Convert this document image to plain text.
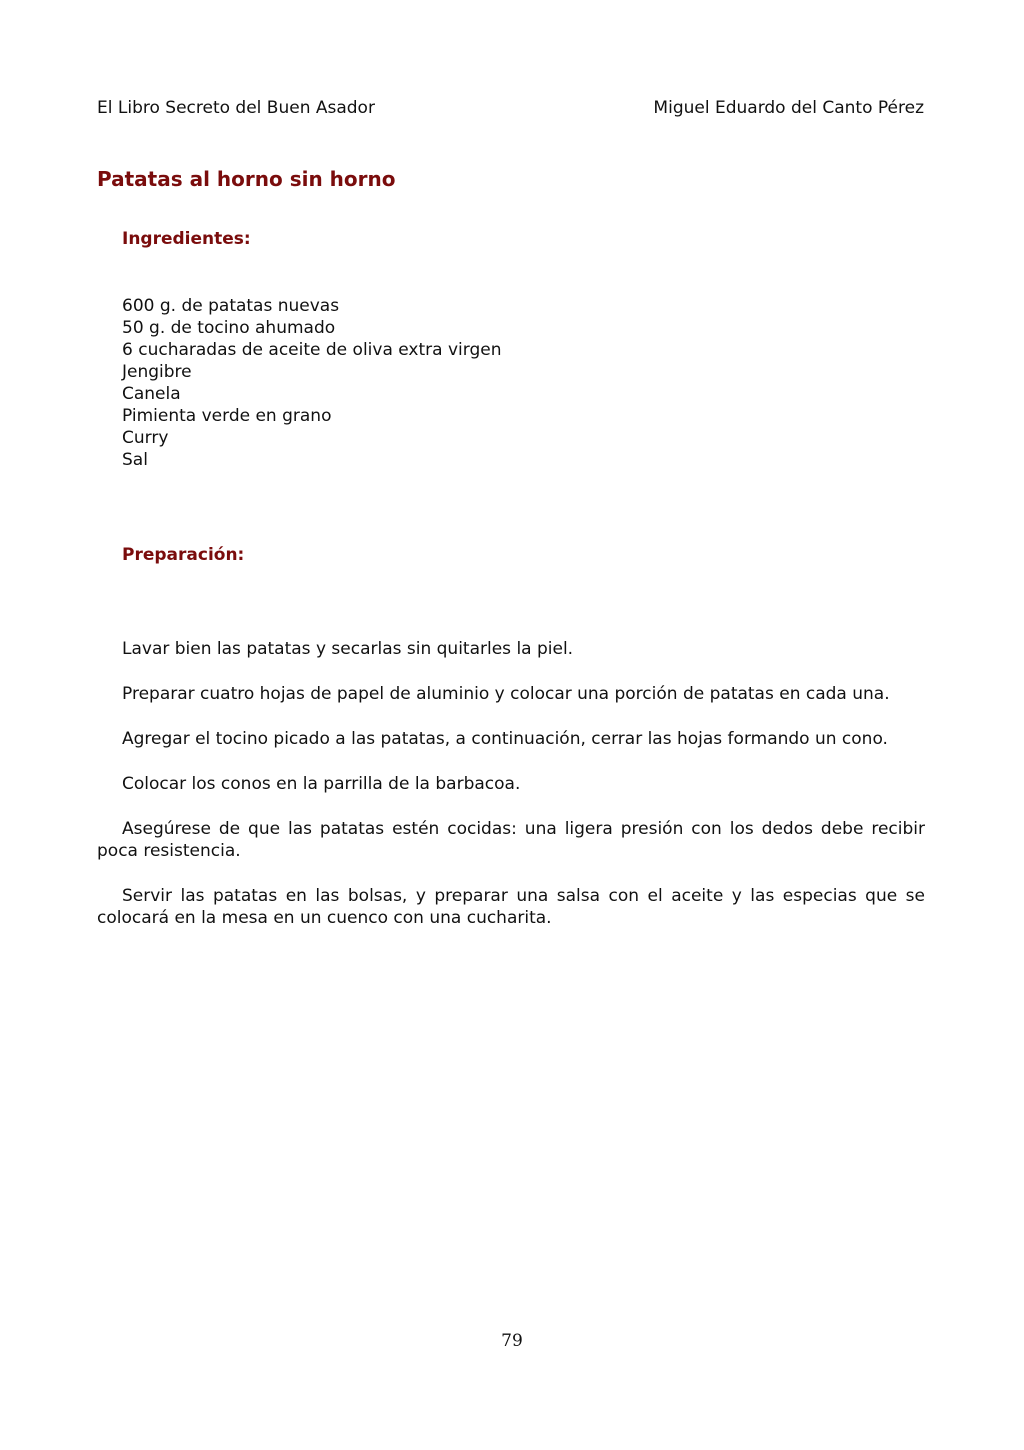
El Libro Secreto del Buen Asador	Miguel Eduardo del Canto Pérez
Patatas al horno sin horno
Ingredientes:
600 g. de patatas nuevas
50 g. de tocino ahumado
6 cucharadas de aceite de oliva extra virgen
Jengibre
Canela
Pimienta verde en grano
Curry
Sal
Preparación:

Lavar bien las patatas y secarlas sin quitarles la piel.

Preparar cuatro hojas de papel de aluminio y colocar una porción de patatas en cada una.

Agregar el tocino picado a las patatas, a continuación, cerrar las hojas formando un cono.

Colocar los conos en la parrilla de la barbacoa.

Asegúrese de que las patatas estén cocidas: una ligera presión con los dedos debe recibir poca resistencia.

Servir las patatas en las bolsas, y preparar una salsa con el aceite y las especias que se colocará en la mesa en un cuenco con una cucharita.

79
